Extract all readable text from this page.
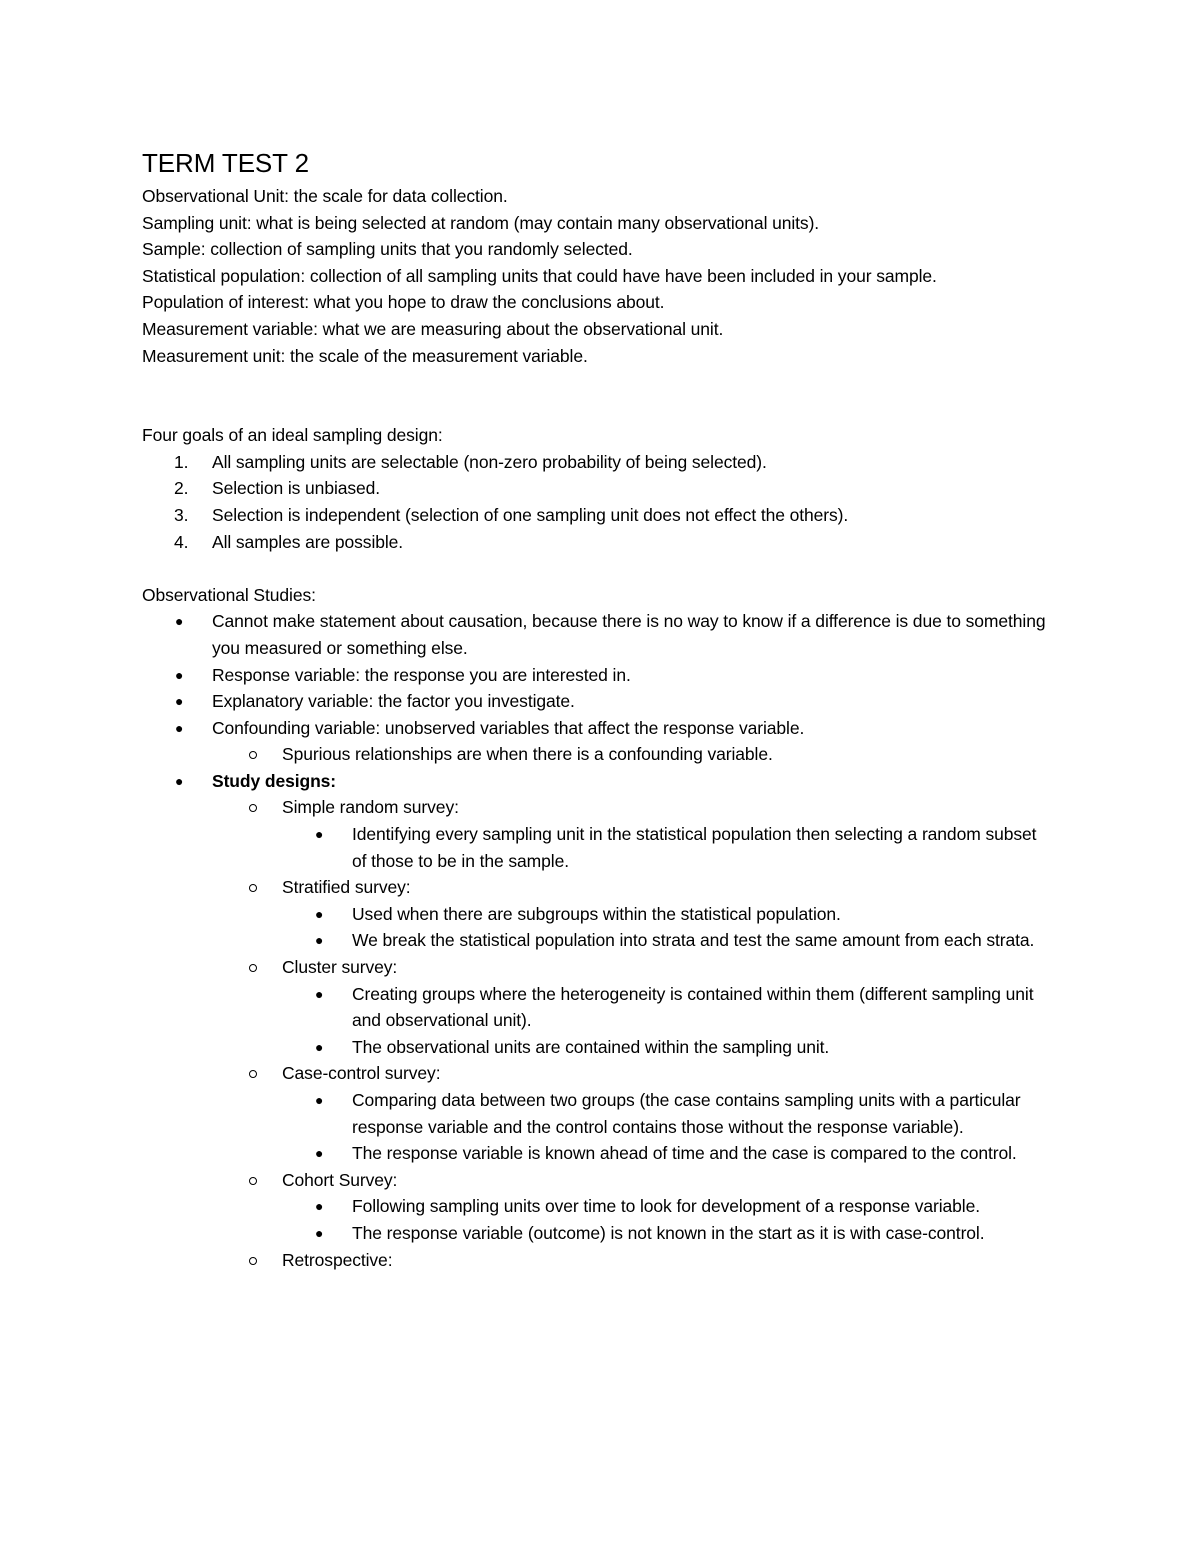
TERM TEST 2

Observational Unit: the scale for data collection.

Sampling unit: what is being selected at random (may contain many observational units).

Sample: collection of sampling units that you randomly selected.

Statistical population: collection of all sampling units that could have have been included in your sample.

Population of interest: what you hope to draw the conclusions about.

Measurement variable: what we are measuring about the observational unit.

Measurement unit: the scale of the measurement variable.

Four goals of an ideal sampling design:

1. All sampling units are selectable (non-zero probability of being selected).
2. Selection is unbiased.
3. Selection is independent (selection of one sampling unit does not effect the others).
4. All samples are possible.

Observational Studies:

● Cannot make statement about causation, because there is no way to know if a difference is due to something you measured or something else.
● Response variable: the response you are interested in.
● Explanatory variable: the factor you investigate.
● Confounding variable: unobserved variables that affect the response variable.
Spurious relationships are when there is a confounding variable.
● Study designs:
Simple random survey:
● Identifying every sampling unit in the statistical population then selecting a random subset of those to be in the sample.
Stratified survey:
● Used when there are subgroups within the statistical population.
● We break the statistical population into strata and test the same amount from each strata.
Cluster survey:
● Creating groups where the heterogeneity is contained within them (different sampling unit and observational unit).
● The observational units are contained within the sampling unit.
Case-control survey:
● Comparing data between two groups (the case contains sampling units with a particular response variable and the control contains those without the response variable).
● The response variable is known ahead of time and the case is compared to the control.
Cohort Survey:
● Following sampling units over time to look for development of a response variable.
● The response variable (outcome) is not known in the start as it is with case-control.
Retrospective:
